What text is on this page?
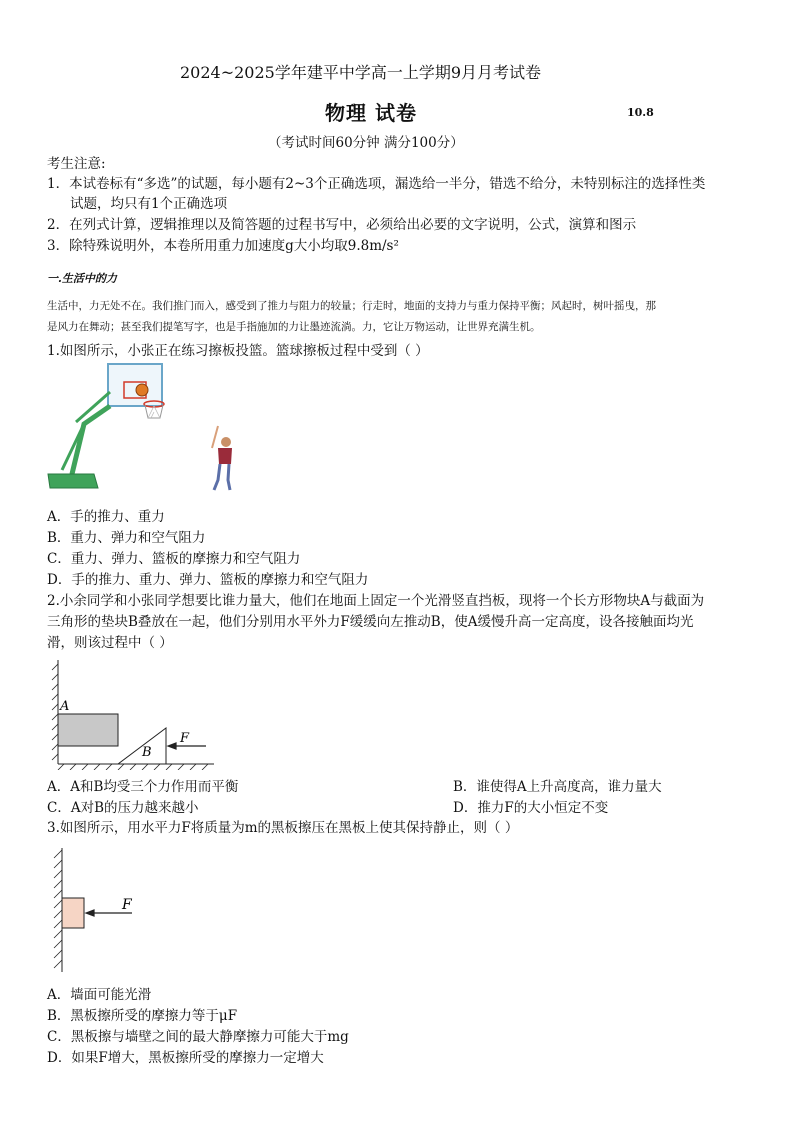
2024~2025学年建平中学高一上学期9月月考试卷
物理 试卷	10.8
（考试时间60分钟 满分100分）
考生注意:
1．本试卷标有“多选”的试题，每小题有2~3个正确选项，漏选给一半分，错选不给分，未特别标注的选择性类
试题，均只有1个正确选项
2．在列式计算，逻辑推理以及简答题的过程书写中，必须给出必要的文字说明，公式，演算和图示
3．除特殊说明外，本卷所用重力加速度g大小均取9.8m/s²
一.生活中的力
生活中，力无处不在。我们推门而入，感受到了推力与阻力的较量；行走时，地面的支持力与重力保持平衡；风起时，树叶摇曳，那
是风力在舞动；甚至我们提笔写字，也是手指施加的力让墨迹流淌。力，它让万物运动，让世界充满生机。
1.如图所示，小张正在练习擦板投篮。篮球擦板过程中受到（ ）
A．手的推力、重力
B．重力、弹力和空气阻力
C．重力、弹力、篮板的摩擦力和空气阻力
D．手的推力、重力、弹力、篮板的摩擦力和空气阻力
2.小余同学和小张同学想要比谁力量大，他们在地面上固定一个光滑竖直挡板，现将一个长方形物块A与截面为
三角形的垫块B叠放在一起，他们分别用水平外力F缓缓向左推动B，使A缓慢升高一定高度，设各接触面均光
滑，则该过程中（ ）
A
B
F
A．A和B均受三个力作用而平衡	B．谁使得A上升高度高，谁力量大
C．A对B的压力越来越小	D．推力F的大小恒定不变
3.如图所示，用水平力F将质量为m的黑板擦压在黑板上使其保持静止，则（ ）
F
A．墙面可能光滑
B．黑板擦所受的摩擦力等于μF
C．黑板擦与墙壁之间的最大静摩擦力可能大于mg
D．如果F增大，黑板擦所受的摩擦力一定增大
